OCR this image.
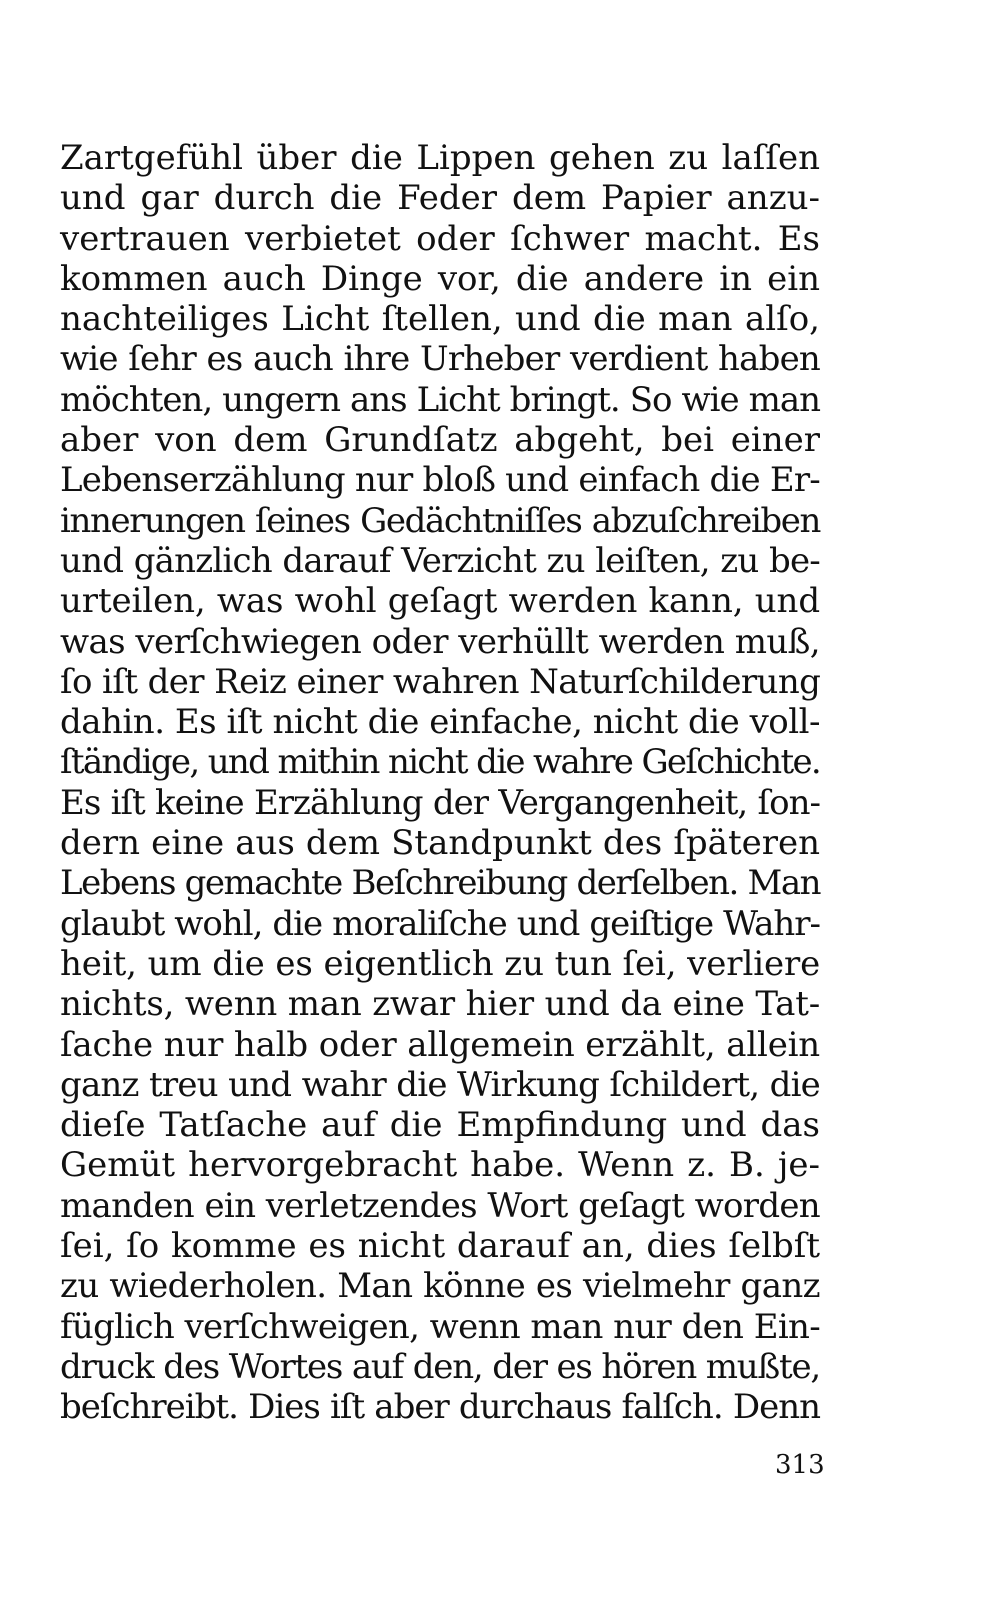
Zartgefühl über die Lippen gehen zu laſſen
und gar durch die Feder dem Papier anzu-
vertrauen verbietet oder ſchwer macht. Es
kommen auch Dinge vor, die andere in ein
nachteiliges Licht ſtellen, und die man alſo,
wie ſehr es auch ihre Urheber verdient haben
möchten, ungern ans Licht bringt. So wie man
aber von dem Grundſatz abgeht, bei einer
Lebenserzählung nur bloß und einfach die Er-
innerungen ſeines Gedächtniſſes abzuſchreiben
und gänzlich darauf Verzicht zu leiſten, zu be-
urteilen, was wohl geſagt werden kann, und
was verſchwiegen oder verhüllt werden muß,
ſo iſt der Reiz einer wahren Naturſchilderung
dahin. Es iſt nicht die einfache, nicht die voll-
ſtändige, und mithin nicht die wahre Geſchichte.
Es iſt keine Erzählung der Vergangenheit, ſon-
dern eine aus dem Standpunkt des ſpäteren
Lebens gemachte Beſchreibung derſelben. Man
glaubt wohl, die moraliſche und geiſtige Wahr-
heit, um die es eigentlich zu tun ſei, verliere
nichts, wenn man zwar hier und da eine Tat-
ſache nur halb oder allgemein erzählt, allein
ganz treu und wahr die Wirkung ſchildert, die
dieſe Tatſache auf die Empfindung und das
Gemüt hervorgebracht habe. Wenn z. B. je-
manden ein verletzendes Wort geſagt worden
ſei, ſo komme es nicht darauf an, dies ſelbſt
zu wiederholen. Man könne es vielmehr ganz
füglich verſchweigen, wenn man nur den Ein-
druck des Wortes auf den, der es hören mußte,
beſchreibt. Dies iſt aber durchaus falſch. Denn
313
